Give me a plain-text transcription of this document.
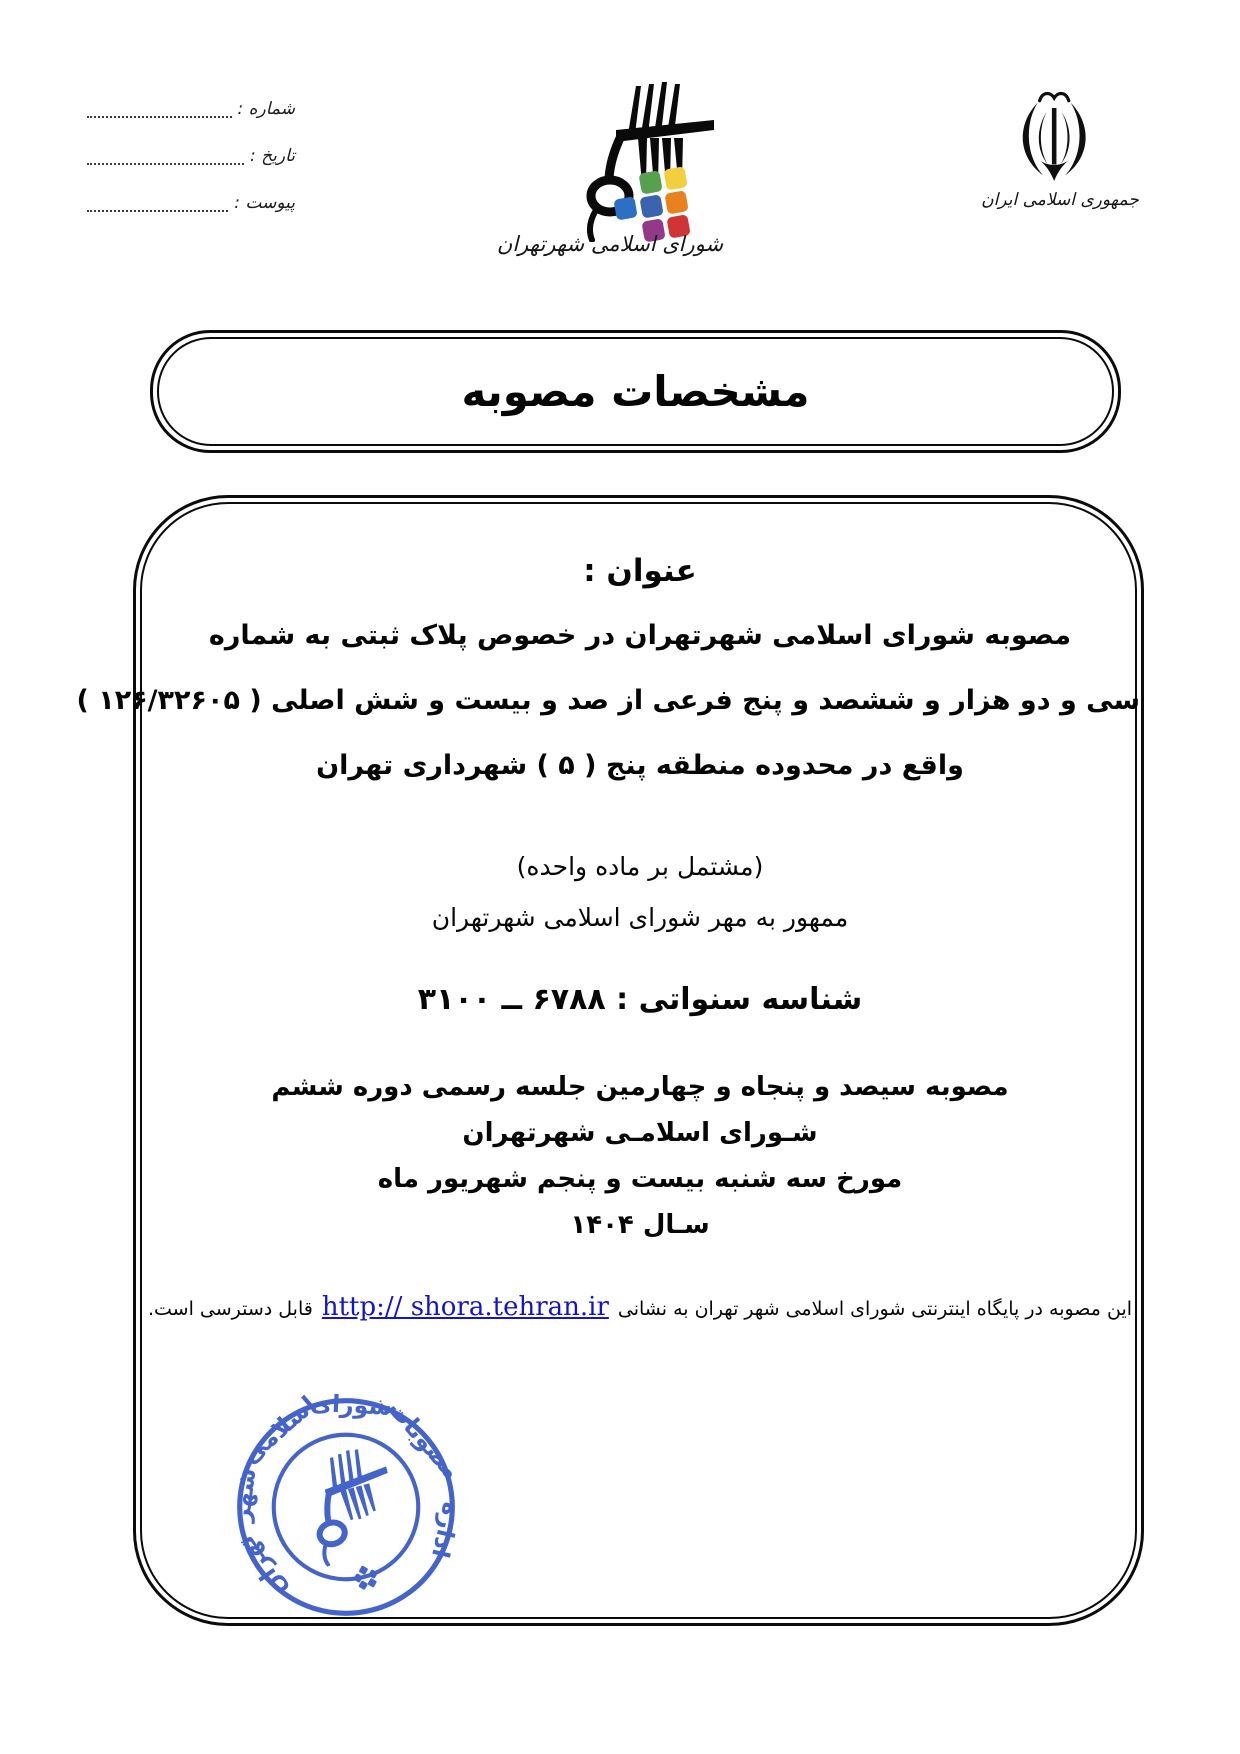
شماره :
تاریخ :
پیوست :
شورای اسلامی شهرتهران
جمهوری اسلامی ایران
مشخصات مصوبه
عنوان :
مصوبه شورای اسلامی شهرتهران در خصوص پلاک ثبتی به شماره
سی و دو هزار و ششصد و پنج فرعی از صد و بیست و شش اصلی ( ۱۲۶/۳۲۶۰۵ )
واقع در محدوده منطقه پنج ( ۵ ) شهرداری تهران
(مشتمل بر ماده واحده)
ممهور به مهر شورای اسلامی شهرتهران
شناسه سنواتی : ۶۷۸۸ ــ ۳۱۰۰
مصوبه سیصد و پنجاه و چهارمین جلسه رسمی دوره ششم
شـورای اسلامـی شهرتهران
مورخ سه شنبه بیست و پنجم شهریور ماه
سـال ۱۴۰۴
این مصوبه در پایگاه اینترنتی شورای اسلامی شهر تهران به نشانی
http:// shora.tehran.ir
قابل دسترسی است.
اداره
مصوبات
شورای
اسلامی
شهر
تهران
